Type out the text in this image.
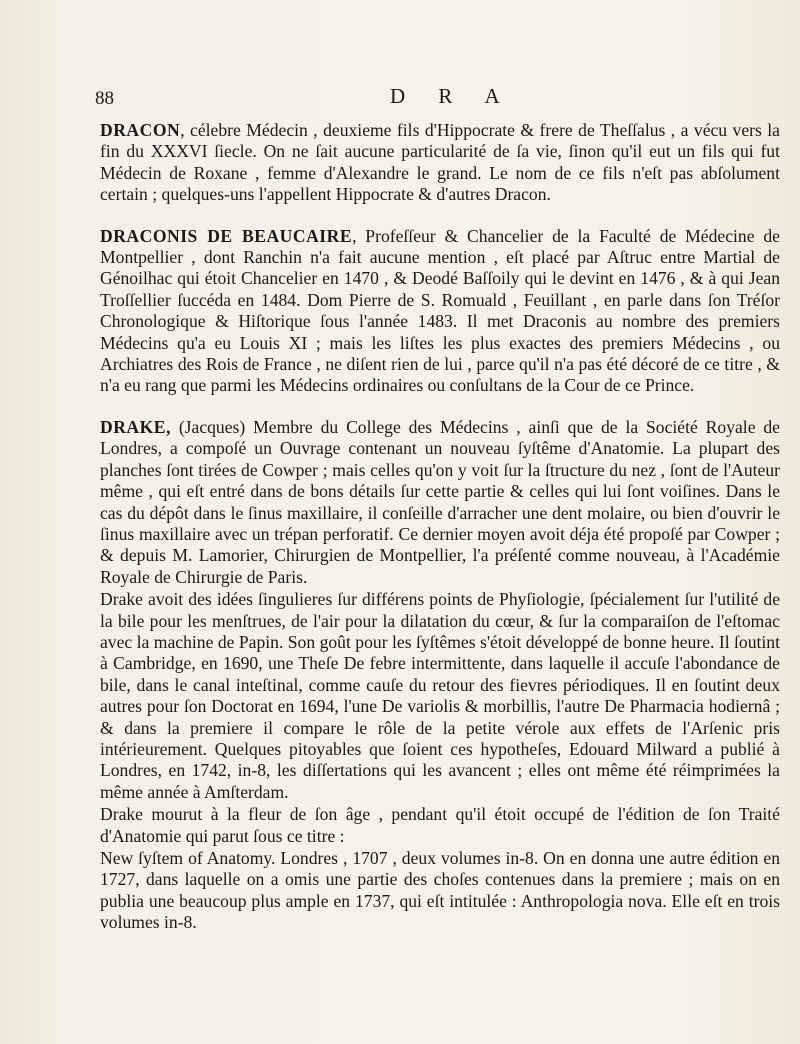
88	D R A

DRACON, célebre Médecin , deuxieme fils d'Hippocrate & frere de Theſſalus , a vécu vers la fin du XXXVI ſiecle. On ne ſait aucune particularité de ſa vie, ſinon qu'il eut un fils qui fut Médecin de Roxane , femme d'Alexandre le grand. Le nom de ce fils n'eſt pas abſolument certain ; quelques-uns l'appellent Hippocrate & d'autres Dracon.

DRACONIS DE BEAUCAIRE, Profeſſeur & Chancelier de la Faculté de Médecine de Montpellier , dont Ranchin n'a fait aucune mention , eſt placé par Aſtruc entre Martial de Génoilhac qui étoit Chancelier en 1470 , & Deodé Baſſoily qui le devint en 1476 , & à qui Jean Troſſellier ſuccéda en 1484. Dom Pierre de S. Romuald , Feuillant , en parle dans ſon Tréſor Chronologique & Hiſtorique ſous l'année 1483. Il met Draconis au nombre des premiers Médecins qu'a eu Louis XI ; mais les liſtes les plus exactes des premiers Médecins , ou Archiatres des Rois de France , ne diſent rien de lui , parce qu'il n'a pas été décoré de ce titre , & n'a eu rang que parmi les Médecins ordinaires ou conſultans de la Cour de ce Prince.

DRAKE, (Jacques) Membre du College des Médecins , ainſi que de la Société Royale de Londres, a compoſé un Ouvrage contenant un nouveau ſyſtême d'Anatomie. La plupart des planches ſont tirées de Cowper ; mais celles qu'on y voit ſur la ſtructure du nez , ſont de l'Auteur même , qui eſt entré dans de bons détails ſur cette partie & celles qui lui ſont voiſines. Dans le cas du dépôt dans le ſinus maxillaire, il conſeille d'arracher une dent molaire, ou bien d'ouvrir le ſinus maxillaire avec un trépan perforatif. Ce dernier moyen avoit déja été propoſé par Cowper ; & depuis M. Lamorier, Chirurgien de Montpellier, l'a préſenté comme nouveau, à l'Académie Royale de Chirurgie de Paris.

Drake avoit des idées ſingulieres ſur différens points de Phyſiologie, ſpécialement ſur l'utilité de la bile pour les menſtrues, de l'air pour la dilatation du cœur, & ſur la comparaiſon de l'eſtomac avec la machine de Papin. Son goût pour les ſyſtêmes s'étoit développé de bonne heure. Il ſoutint à Cambridge, en 1690, une Theſe De febre intermittente, dans laquelle il accuſe l'abondance de bile, dans le canal inteſtinal, comme cauſe du retour des fievres périodiques. Il en ſoutint deux autres pour ſon Doctorat en 1694, l'une De variolis & morbillis, l'autre De Pharmacia hodiernâ ; & dans la premiere il compare le rôle de la petite vérole aux effets de l'Arſenic pris intérieurement. Quelques pitoyables que ſoient ces hypotheſes, Edouard Milward a publié à Londres, en 1742, in-8, les diſſertations qui les avancent ; elles ont même été réimprimées la même année à Amſterdam.

Drake mourut à la fleur de ſon âge , pendant qu'il étoit occupé de l'édition de ſon Traité d'Anatomie qui parut ſous ce titre :

New ſyſtem of Anatomy. Londres , 1707 , deux volumes in-8. On en donna une autre édition en 1727, dans laquelle on a omis une partie des choſes contenues dans la premiere ; mais on en publia une beaucoup plus ample en 1737, qui eſt intitulée : Anthropologia nova. Elle eſt en trois volumes in-8.
